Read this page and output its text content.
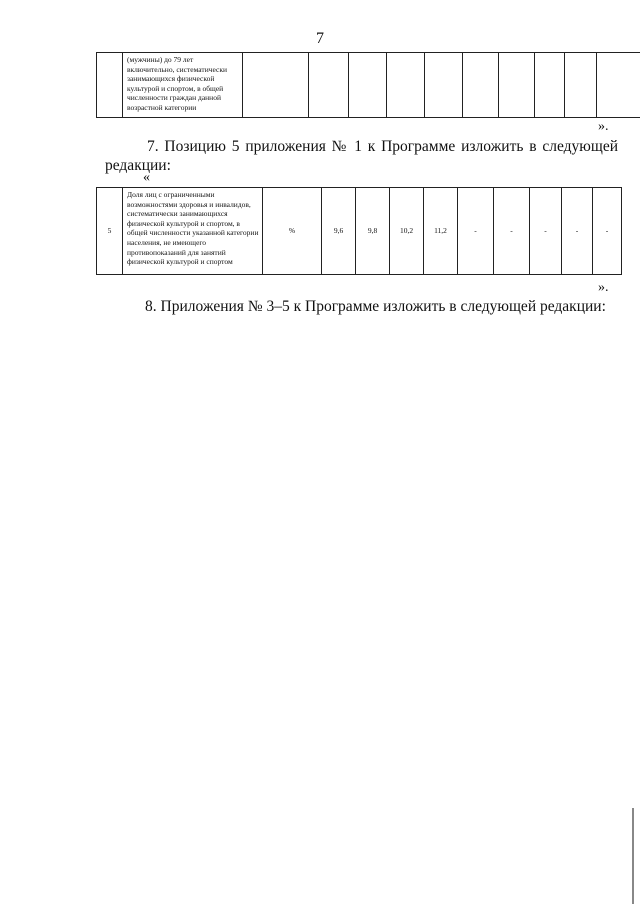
7
	(мужчины) до 79 лет включительно, систематически занимающихся физической культурой и спортом, в общей численности граждан данной возрастной категории										
».
7. Позицию 5 приложения № 1 к Программе изложить в следующей редакции:
«
5	Доля лиц с ограниченными возможностями здоровья и инвалидов, систематически занимающихся физической культурой и спортом, в общей численности указанной категории населения, не имеющего противопоказаний для занятий физической культурой и спортом	%	9,6	9,8	10,2	11,2	-	-	-	-	-
».
8. Приложения № 3–5 к Программе изложить в следующей редакции:
